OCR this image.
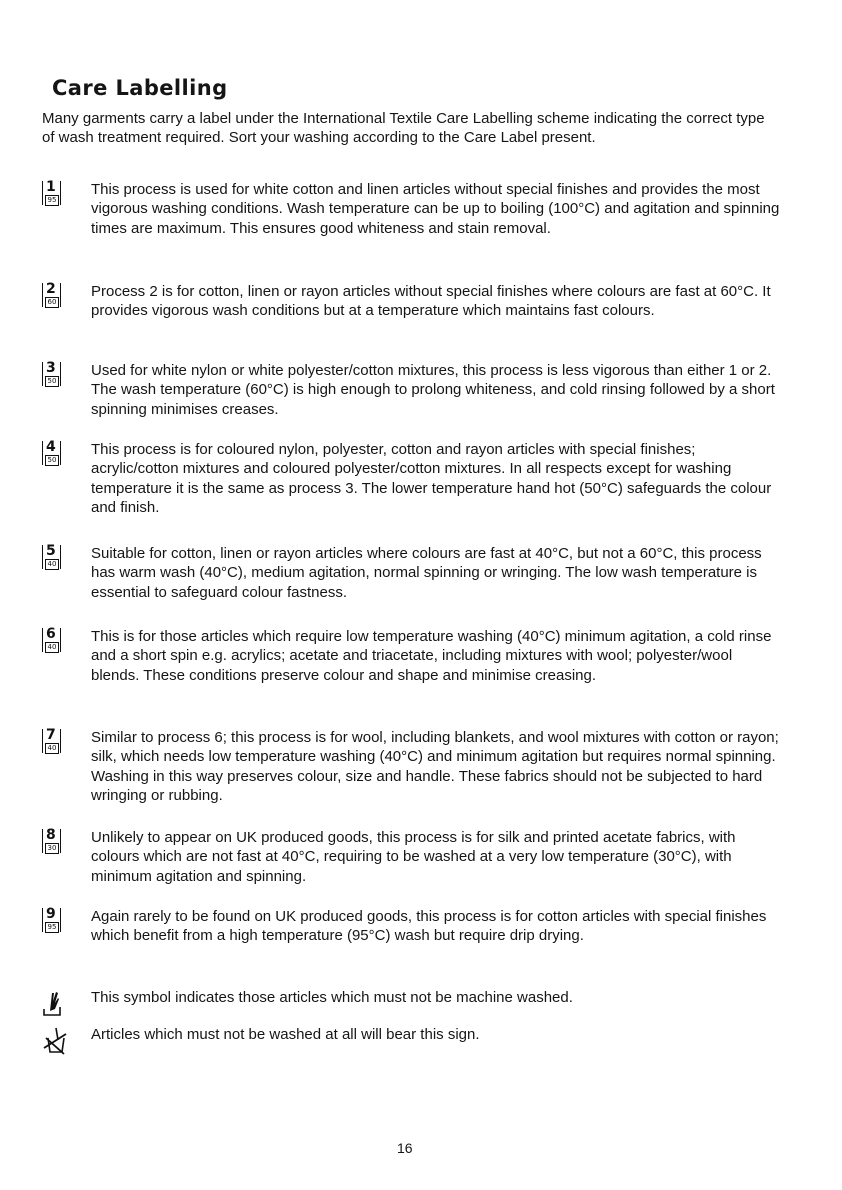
Care Labelling

Many garments carry a label under the International Textile Care Labelling scheme indicating the correct type of wash treatment required. Sort your washing according to the Care Label present.

1
95

This process is used for white cotton and linen articles without special finishes and provides the most vigorous washing conditions. Wash temperature can be up to boiling (100°C) and agitation and spinning times are maximum. This ensures good whiteness and stain removal.

2
60

Process 2 is for cotton, linen or rayon articles without special finishes where colours are fast at 60°C. It provides vigorous wash conditions but at a temperature which maintains fast colours.

3
50

Used for white nylon or white polyester/cotton mixtures, this process is less vigorous than either 1 or 2. The wash temperature (60°C) is high enough to prolong whiteness, and cold rinsing followed by a short spinning minimises creases.

4
50

This process is for coloured nylon, polyester, cotton and rayon articles with special finishes; acrylic/cotton mixtures and coloured polyester/cotton mixtures. In all respects except for washing temperature it is the same as process 3. The lower temperature hand hot (50°C) safeguards the colour and finish.

5
40

Suitable for cotton, linen or rayon articles where colours are fast at 40°C, but not a 60°C, this process has warm wash (40°C), medium agitation, normal spinning or wringing. The low wash temperature is essential to safeguard colour fastness.

6
40

This is for those articles which require low temperature washing (40°C) minimum agitation, a cold rinse and a short spin e.g. acrylics; acetate and triacetate, including mixtures with wool; polyester/wool blends. These conditions preserve colour and shape and minimise creasing.

7
40

Similar to process 6; this process is for wool, including blankets, and wool mixtures with cotton or rayon; silk, which needs low temperature washing (40°C) and minimum agitation but requires normal spinning. Washing in this way preserves colour, size and handle. These fabrics should not be subjected to hard wringing or rubbing.

8
30

Unlikely to appear on UK produced goods, this process is for silk and printed acetate fabrics, with colours which are not fast at 40°C, requiring to be washed at a very low temperature (30°C), with minimum agitation and spinning.

9
95

Again rarely to be found on UK produced goods, this process is for cotton articles with special finishes which benefit from a high temperature (95°C) wash but require drip drying.

This symbol indicates those articles which must not be machine washed.

Articles which must not be washed at all will bear this sign.

16
